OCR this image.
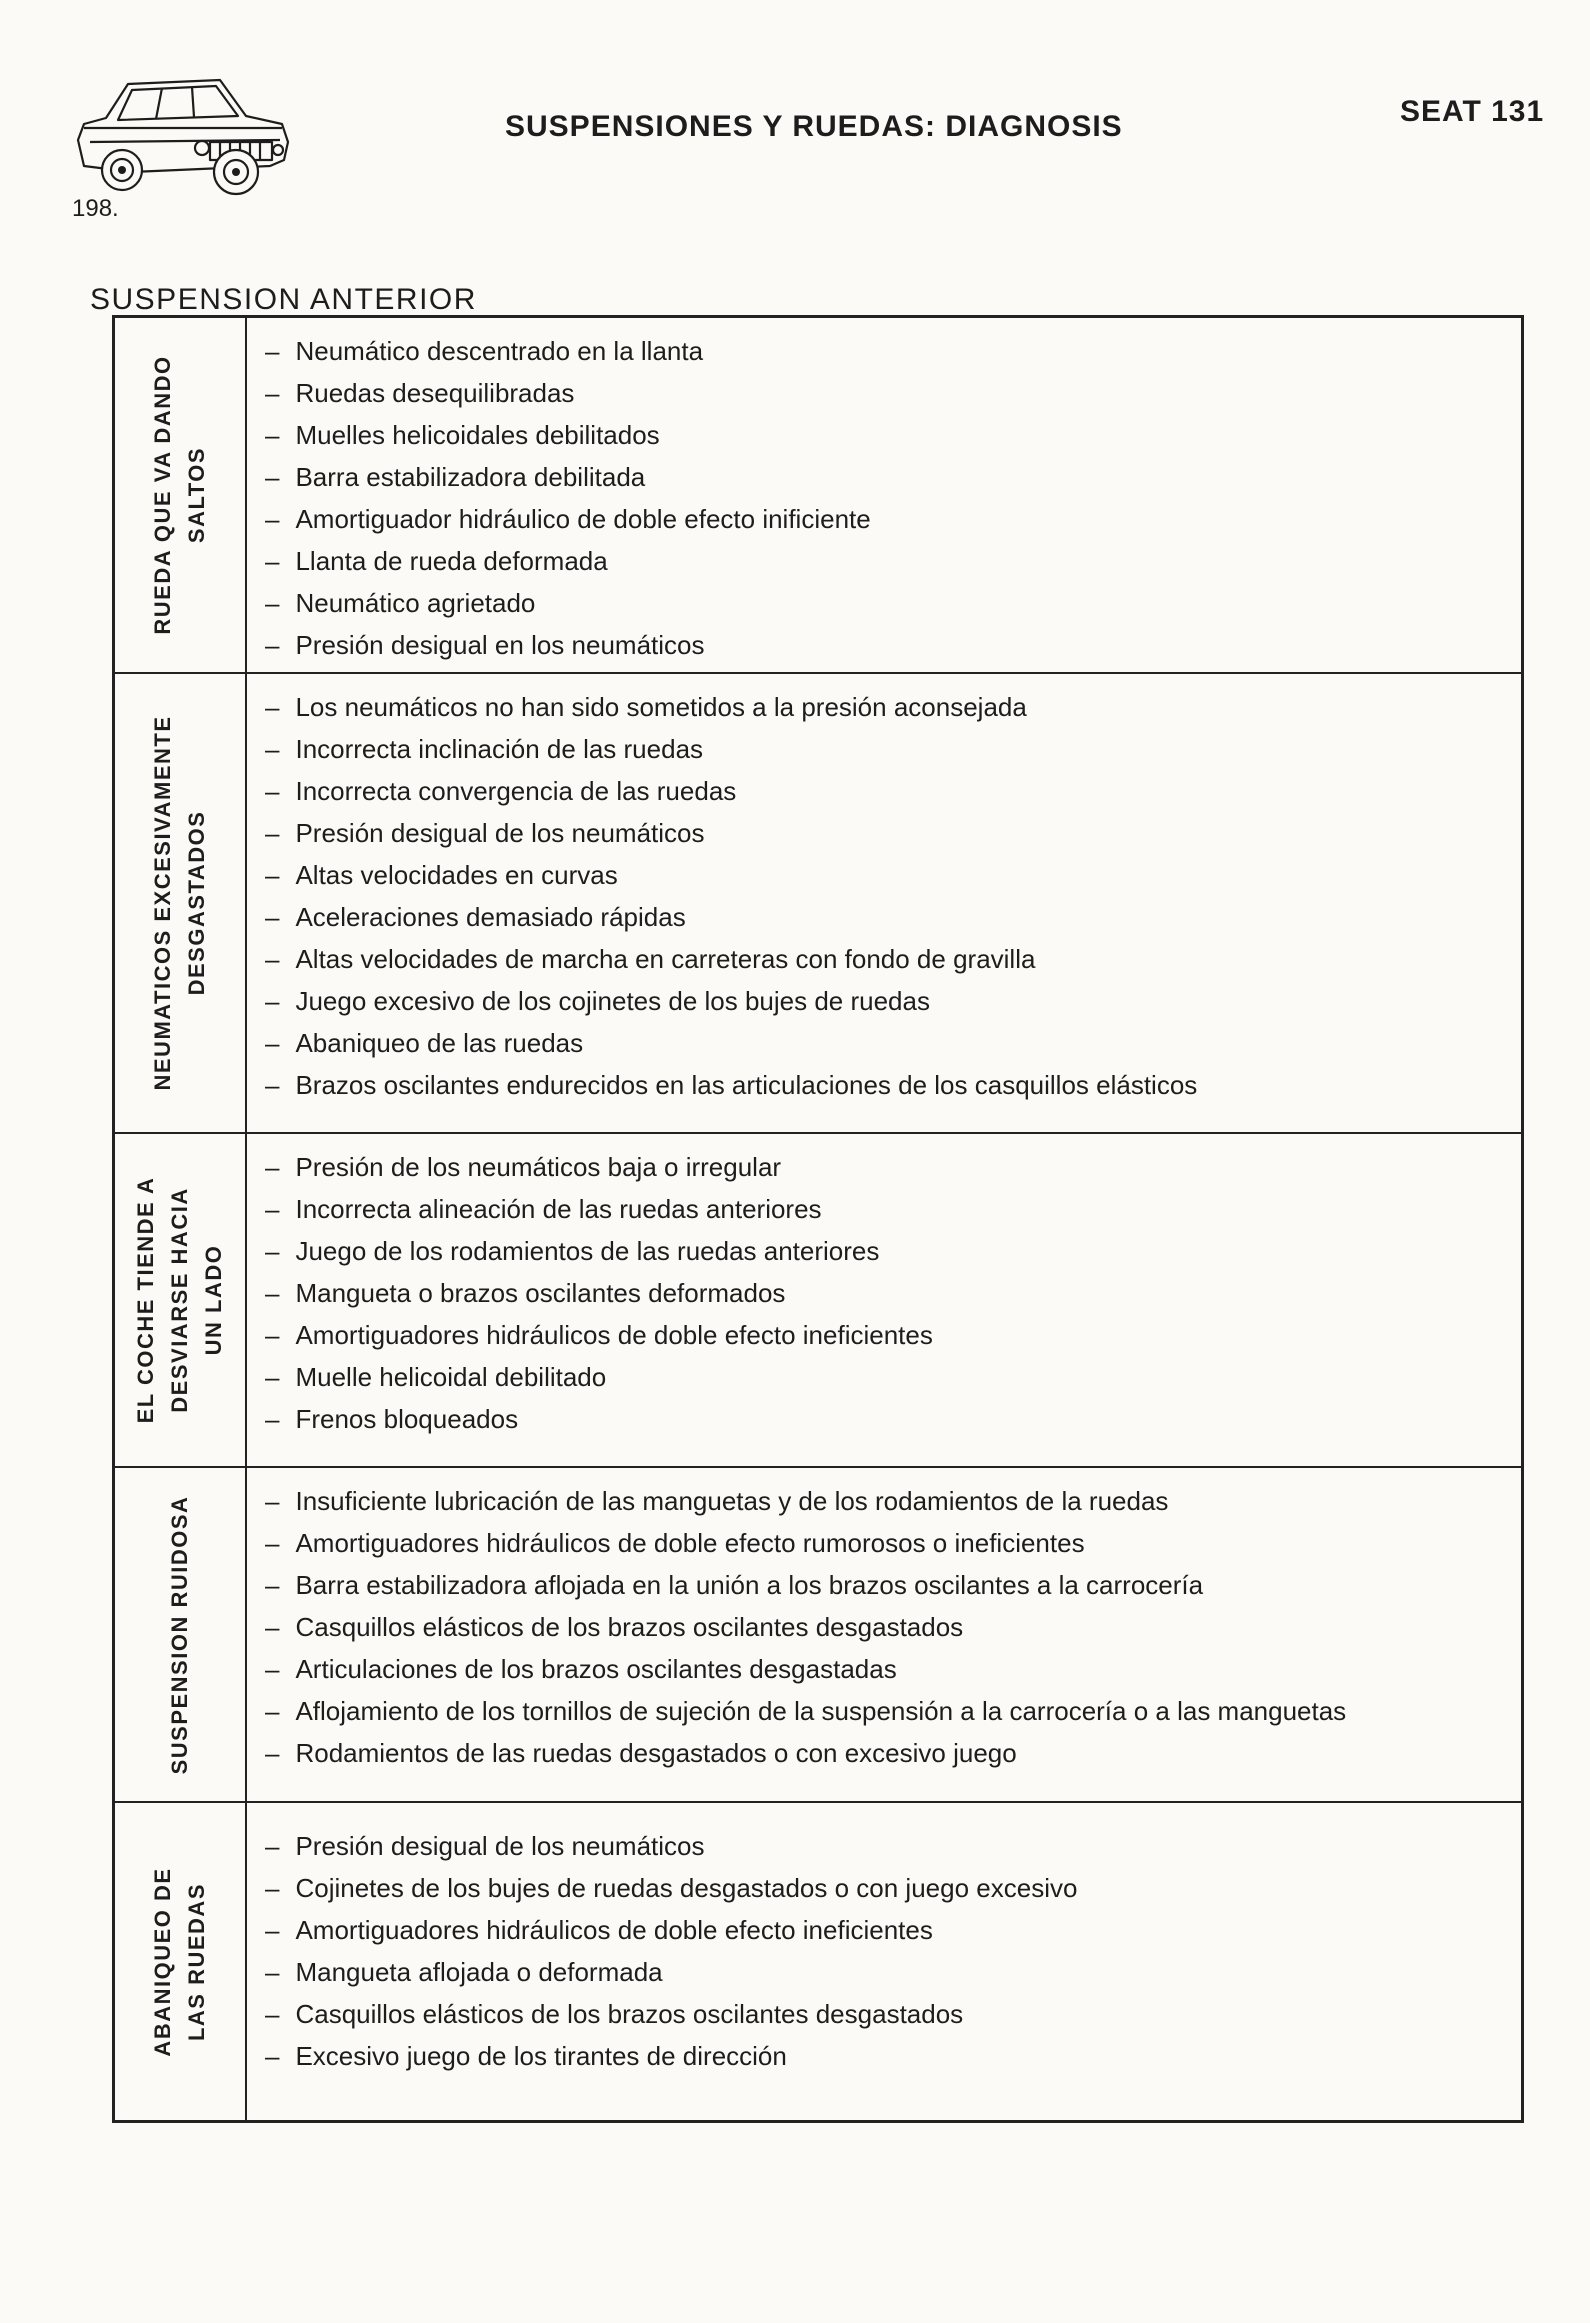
SUSPENSIONES Y RUEDAS: DIAGNOSIS	SEAT 131
198.
SUSPENSION ANTERIOR
RUEDA QUE VA DANDO SALTOS
– Neumático descentrado en la llanta
– Ruedas desequilibradas
– Muelles helicoidales debilitados
– Barra estabilizadora debilitada
– Amortiguador hidráulico de doble efecto inificiente
– Llanta de rueda deformada
– Neumático agrietado
– Presión desigual en los neumáticos
NEUMATICOS EXCESIVAMENTE DESGASTADOS
– Los neumáticos no han sido sometidos a la presión aconsejada
– Incorrecta inclinación de las ruedas
– Incorrecta convergencia de las ruedas
– Presión desigual de los neumáticos
– Altas velocidades en curvas
– Aceleraciones demasiado rápidas
– Altas velocidades de marcha en carreteras con fondo de gravilla
– Juego excesivo de los cojinetes de los bujes de ruedas
– Abaniqueo de las ruedas
– Brazos oscilantes endurecidos en las articulaciones de los casquillos elásticos
EL COCHE TIENDE A DESVIARSE HACIA UN LADO
– Presión de los neumáticos baja o irregular
– Incorrecta alineación de las ruedas anteriores
– Juego de los rodamientos de las ruedas anteriores
– Mangueta o brazos oscilantes deformados
– Amortiguadores hidráulicos de doble efecto ineficientes
– Muelle helicoidal debilitado
– Frenos bloqueados
SUSPENSION RUIDOSA
–	Insuficiente lubricación de las manguetas y de los rodamientos de la ruedas
– Amortiguadores hidráulicos de doble efecto rumorosos o ineficientes
– Barra estabilizadora aflojada en la unión a los brazos oscilantes a la carrocería
– Casquillos elásticos de los brazos oscilantes desgastados
– Articulaciones de los brazos oscilantes desgastadas
– Aflojamiento de los tornillos de sujeción de la suspensión a la carrocería o a las manguetas
– Rodamientos de las ruedas desgastados o con excesivo juego
ABANIQUEO DE LAS RUEDAS
– Presión desigual de los neumáticos
– Cojinetes de los bujes de ruedas desgastados o con juego excesivo
– Amortiguadores hidráulicos de doble efecto ineficientes
– Mangueta aflojada o deformada
– Casquillos elásticos de los brazos oscilantes desgastados
– Excesivo juego de los tirantes de dirección
